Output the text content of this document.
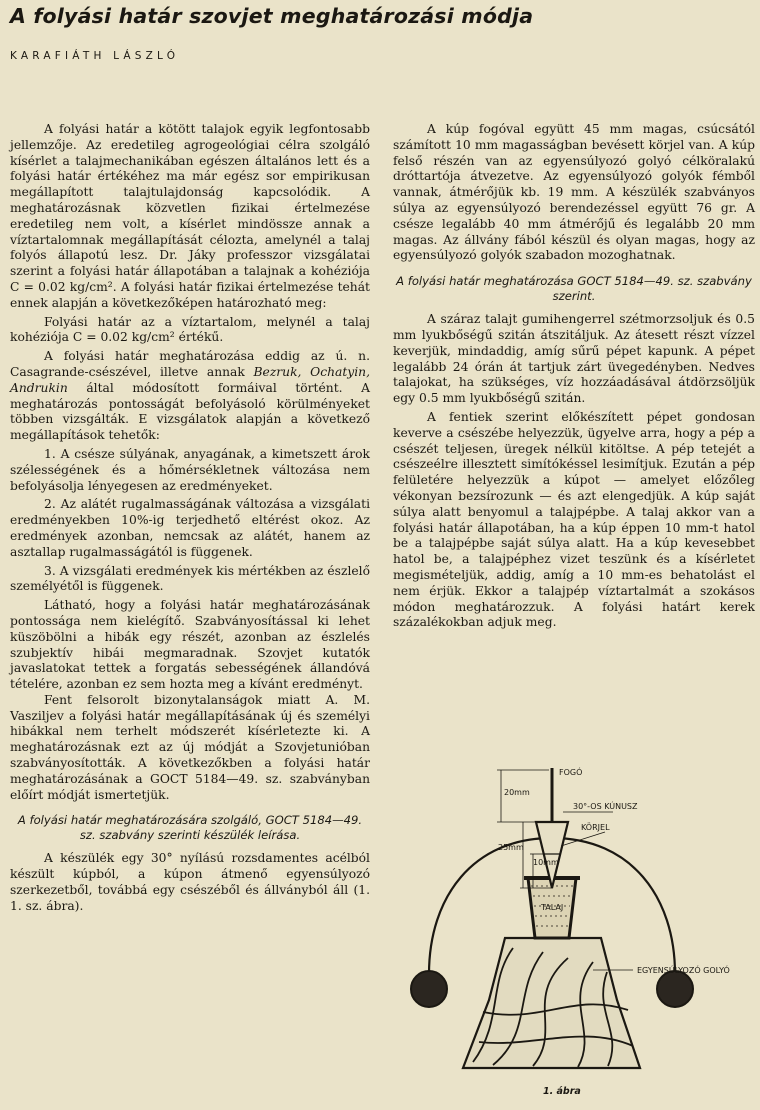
A folyási határ szovjet meghatározási módja
KARAFIÁTH LÁSZLÓ

A folyási határ a kötött talajok egyik legfontosabb jellemzője. Az eredetileg agrogeológiai célra szolgáló kísérlet a talajmechanikában egészen általános lett és a folyási határ értékéhez ma már egész sor empirikusan megállapított talajtulajdonság kapcsolódik. A meghatározásnak közvetlen fizikai értelmezése eredetileg nem volt, a kísérlet mindössze annak a víztartalomnak megállapítását célozta, amelynél a talaj folyós állapotú lesz. Dr. Jáky professzor vizsgálatai szerint a folyási határ állapotában a talajnak a kohéziója C = 0.02 kg/cm². A folyási határ fizikai értelmezése tehát ennek alapján a következőképen határozható meg:

Folyási határ az a víztartalom, melynél a talaj kohéziója C = 0.02 kg/cm² értékű.

A folyási határ meghatározása eddig az ú. n. Casagrande-csészével, illetve annak Bezruk, Ochatyin, Andrukin által módosított formáival történt. A meghatározás pontosságát befolyásoló körülményeket többen vizsgálták. E vizsgálatok alapján a következő megállapítások tehetők:

1. A csésze súlyának, anyagának, a kimetszett árok szélességének és a hőmérsékletnek változása nem befolyásolja lényegesen az eredményeket.

2. Az alátét rugalmasságának változása a vizsgálati eredményekben 10%-ig terjedhető eltérést okoz. Az eredmények azonban, nemcsak az alátét, hanem az asztallap rugalmasságától is függenek.

3. A vizsgálati eredmények kis mértékben az észlelő személyétől is függenek.

Látható, hogy a folyási határ meghatározásának pontossága nem kielégítő. Szabványosítással ki lehet küszöbölni a hibák egy részét, azonban az észlelés szubjektív hibái megmaradnak. Szovjet kutatók javaslatokat tettek a forgatás sebességének állandóvá tételére, azonban ez sem hozta meg a kívánt eredményt.

Fent felsorolt bizonytalanságok miatt A. M. Vasziljev a folyási határ megállapításának új és személyi hibákkal nem terhelt módszerét kísérletezte ki. A meghatározásnak ezt az új módját a Szovjetunióban szabványosították. A következőkben a folyási határ meghatározásának a GOCT 5184—49. sz. szabványban előírt módját ismertetjük.

A folyási határ meghatározására szolgáló, GOCT 5184—49. sz. szabvány szerinti készülék leírása.

A készülék egy 30° nyílású rozsdamentes acélból készült kúpból, a kúpon átmenő egyensúlyozó szerkezetből, továbbá egy csészéből és állványból áll (1. 1. sz. ábra).

A kúp fogóval együtt 45 mm magas, csúcsától számított 10 mm magasságban bevésett körjel van. A kúp felső részén van az egyensúlyozó golyó célköralakú dróttartója átvezetve. Az egyensúlyozó golyók fémből vannak, átmérőjük kb. 19 mm. A készülék szabványos súlya az egyensúlyozó berendezéssel együtt 76 gr. A csésze legalább 40 mm átmérőjű és legalább 20 mm magas. Az állvány fából készül és olyan magas, hogy az egyensúlyozó golyók szabadon mozoghatnak.

A folyási határ meghatározása GOCT 5184—49. sz. szabvány szerint.

A száraz talajt gumihengerrel szétmorzsoljuk és 0.5 mm lyukbőségű szitán átszitáljuk. Az átesett részt vízzel keverjük, mindaddig, amíg sűrű pépet kapunk. A pépet legalább 24 órán át tartjuk zárt üvegedényben. Nedves talajokat, ha szükséges, víz hozzáadásával átdörzsöljük egy 0.5 mm lyukbőségű szitán.

A fentiek szerint előkészített pépet gondosan keverve a csészébe helyezzük, ügyelve arra, hogy a pép a csészét teljesen, üregek nélkül kitöltse. A pép tetejét a csészeélre illesztett simítókéssel lesimítjuk. Ezután a pép felületére helyezzük a kúpot — amelyet előzőleg vékonyan bezsírozunk — és azt elengedjük. A kúp saját súlya alatt benyomul a talajpépbe. A talaj akkor van a folyási határ állapotában, ha a kúp éppen 10 mm-t hatol be a talajpépbe saját súlya alatt. Ha a kúp kevesebbet hatol be, a talajpéphez vizet teszünk és a kísérletet megismételjük, addig, amíg a 10 mm-es behatolást el nem érjük. Ekkor a talajpép víztartalmát a szokásos módon meghatározzuk. A folyási határt kerek százalékokban adjuk meg.

FOGÓ
20mm
30°-OS KÚNUSZ
KÖRJEL
25mm
10mm
TALAJ
EGYENSÚLYOZÓ GOLYÓ
1. ábra
